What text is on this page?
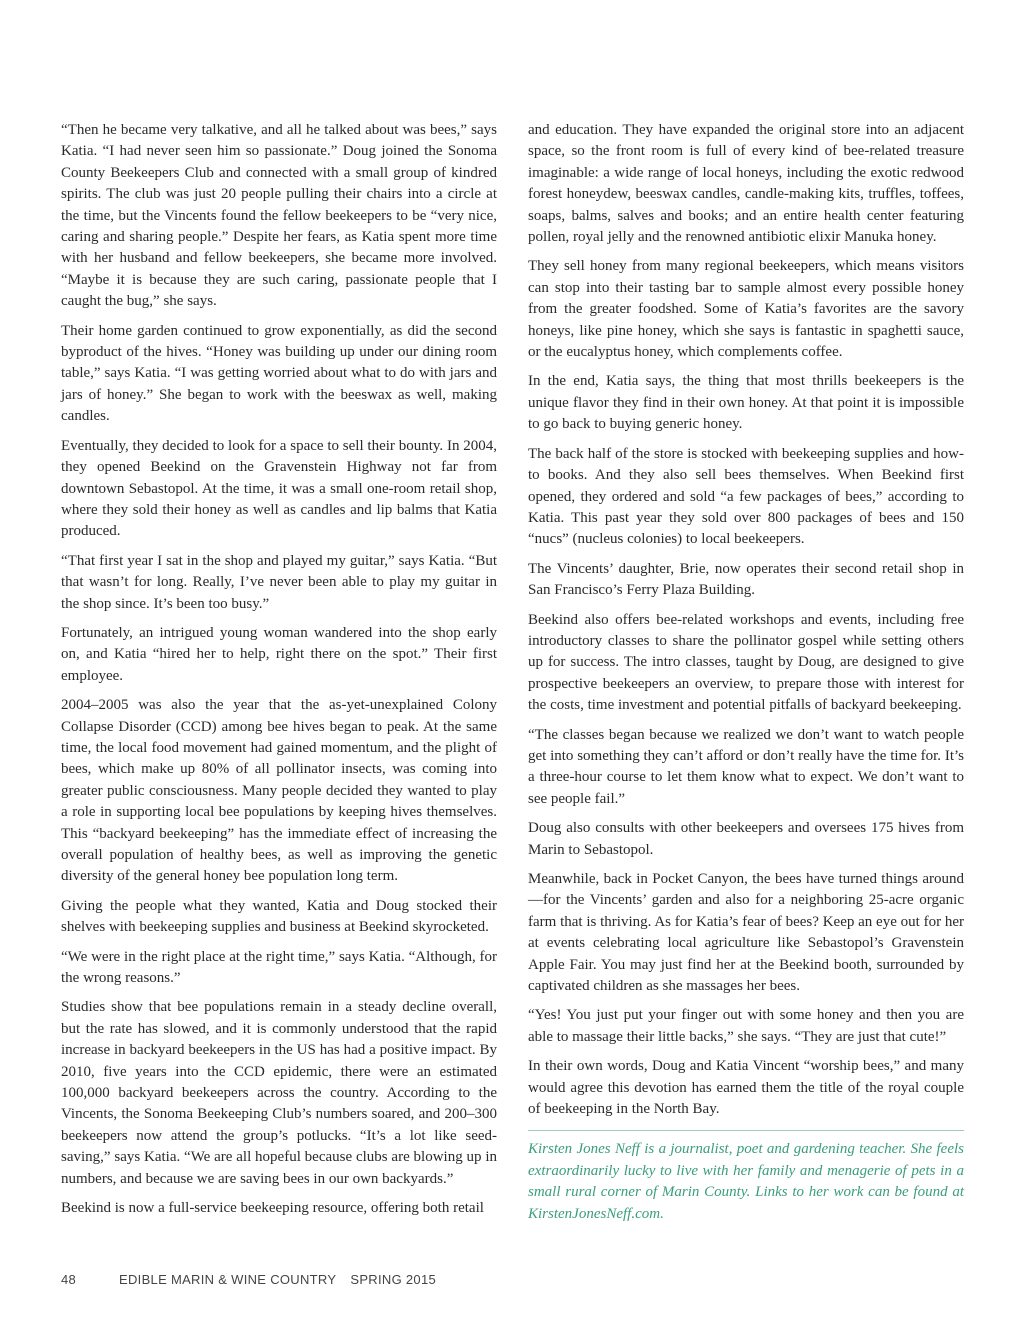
“Then he became very talkative, and all he talked about was bees,” says Katia. “I had never seen him so passionate.” Doug joined the Sonoma County Beekeepers Club and connected with a small group of kindred spirits. The club was just 20 people pulling their chairs into a circle at the time, but the Vincents found the fellow beekeepers to be “very nice, caring and sharing people.” Despite her fears, as Katia spent more time with her husband and fellow beekeepers, she became more involved. “Maybe it is because they are such caring, passionate people that I caught the bug,” she says.

Their home garden continued to grow exponentially, as did the second byproduct of the hives. “Honey was building up under our dining room table,” says Katia. “I was getting worried about what to do with jars and jars of honey.” She began to work with the beeswax as well, making candles.

Eventually, they decided to look for a space to sell their bounty. In 2004, they opened Beekind on the Gravenstein Highway not far from downtown Sebastopol. At the time, it was a small one-room retail shop, where they sold their honey as well as candles and lip balms that Katia produced.

“That first year I sat in the shop and played my guitar,” says Katia. “But that wasn’t for long. Really, I’ve never been able to play my guitar in the shop since. It’s been too busy.”

Fortunately, an intrigued young woman wandered into the shop early on, and Katia “hired her to help, right there on the spot.” Their first employee.

2004–2005 was also the year that the as-yet-unexplained Colony Collapse Disorder (CCD) among bee hives began to peak. At the same time, the local food movement had gained momentum, and the plight of bees, which make up 80% of all pollinator insects, was coming into greater public consciousness. Many people decided they wanted to play a role in supporting local bee populations by keeping hives themselves. This “backyard beekeeping” has the immediate effect of increasing the overall population of healthy bees, as well as improving the genetic diversity of the general honey bee population long term.

Giving the people what they wanted, Katia and Doug stocked their shelves with beekeeping supplies and business at Beekind skyrocketed.

“We were in the right place at the right time,” says Katia. “Although, for the wrong reasons.”

Studies show that bee populations remain in a steady decline overall, but the rate has slowed, and it is commonly understood that the rapid increase in backyard beekeepers in the US has had a positive impact. By 2010, five years into the CCD epidemic, there were an estimated 100,000 backyard beekeepers across the country. According to the Vincents, the Sonoma Beekeeping Club’s numbers soared, and 200–300 beekeepers now attend the group’s potlucks. “It’s a lot like seed-saving,” says Katia. “We are all hopeful because clubs are blowing up in numbers, and because we are saving bees in our own backyards.”

Beekind is now a full-service beekeeping resource, offering both retail

and education. They have expanded the original store into an adjacent space, so the front room is full of every kind of bee-related treasure imaginable: a wide range of local honeys, including the exotic redwood forest honeydew, beeswax candles, candle-making kits, truffles, toffees, soaps, balms, salves and books; and an entire health center featuring pollen, royal jelly and the renowned antibiotic elixir Manuka honey.

They sell honey from many regional beekeepers, which means visitors can stop into their tasting bar to sample almost every possible honey from the greater foodshed. Some of Katia’s favorites are the savory honeys, like pine honey, which she says is fantastic in spaghetti sauce, or the eucalyptus honey, which complements coffee.

In the end, Katia says, the thing that most thrills beekeepers is the unique flavor they find in their own honey. At that point it is impossible to go back to buying generic honey.

The back half of the store is stocked with beekeeping supplies and how-to books. And they also sell bees themselves. When Beekind first opened, they ordered and sold “a few packages of bees,” according to Katia. This past year they sold over 800 packages of bees and 150 “nucs” (nucleus colonies) to local beekeepers.

The Vincents’ daughter, Brie, now operates their second retail shop in San Francisco’s Ferry Plaza Building.

Beekind also offers bee-related workshops and events, including free introductory classes to share the pollinator gospel while setting others up for success. The intro classes, taught by Doug, are designed to give prospective beekeepers an overview, to prepare those with interest for the costs, time investment and potential pitfalls of backyard beekeeping.

“The classes began because we realized we don’t want to watch people get into something they can’t afford or don’t really have the time for. It’s a three-hour course to let them know what to expect. We don’t want to see people fail.”

Doug also consults with other beekeepers and oversees 175 hives from Marin to Sebastopol.

Meanwhile, back in Pocket Canyon, the bees have turned things around—for the Vincents’ garden and also for a neighboring 25-acre organic farm that is thriving. As for Katia’s fear of bees? Keep an eye out for her at events celebrating local agriculture like Sebastopol’s Gravenstein Apple Fair. You may just find her at the Beekind booth, surrounded by captivated children as she massages her bees.

“Yes! You just put your finger out with some honey and then you are able to massage their little backs,” she says. “They are just that cute!”

In their own words, Doug and Katia Vincent “worship bees,” and many would agree this devotion has earned them the title of the royal couple of beekeeping in the North Bay.

Kirsten Jones Neff is a journalist, poet and gardening teacher. She feels extraordinarily lucky to live with her family and menagerie of pets in a small rural corner of Marin County. Links to her work can be found at KirstenJonesNeff.com.

48	EDIBLE MARIN & WINE COUNTRY SPRING 2015
